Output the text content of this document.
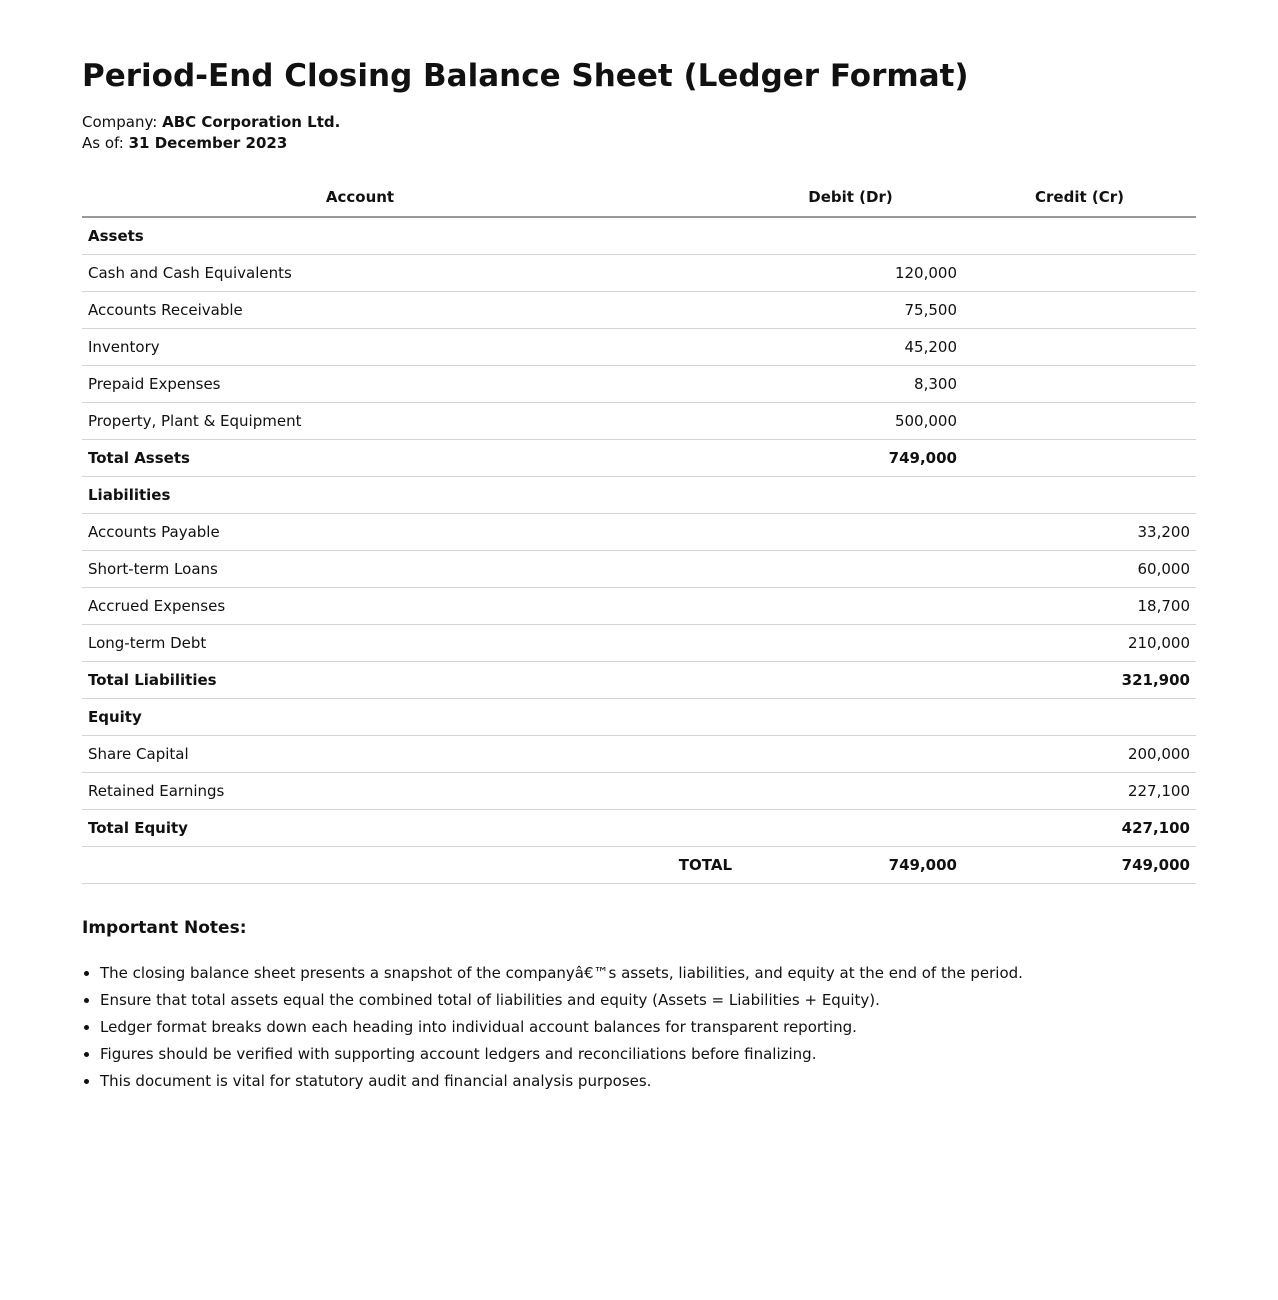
Period-End Closing Balance Sheet (Ledger Format)

Company: ABC Corporation Ltd.

As of: 31 December 2023

Account		Debit (Dr)	Credit (Cr)
Assets			
Cash and Cash Equivalents		120,000	
Accounts Receivable		75,500	
Inventory		45,200	
Prepaid Expenses		8,300	
Property, Plant & Equipment		500,000	
Total Assets		749,000	
Liabilities			
Accounts Payable			33,200
Short-term Loans			60,000
Accrued Expenses			18,700
Long-term Debt			210,000
Total Liabilities			321,900
Equity			
Share Capital			200,000
Retained Earnings			227,100
Total Equity			427,100
	TOTAL	749,000	749,000
Important Notes:
• The closing balance sheet presents a snapshot of the companyâ€™s assets, liabilities, and equity at the end of the period.
• Ensure that total assets equal the combined total of liabilities and equity (Assets = Liabilities + Equity).
• Ledger format breaks down each heading into individual account balances for transparent reporting.
• Figures should be verified with supporting account ledgers and reconciliations before finalizing.
• This document is vital for statutory audit and financial analysis purposes.
